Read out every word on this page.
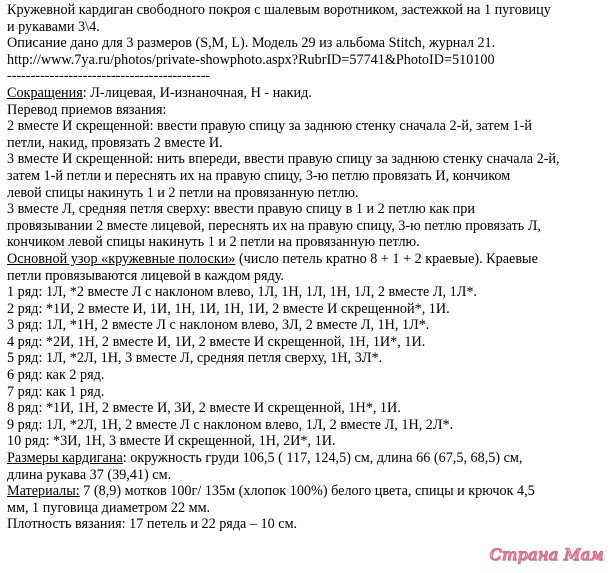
Кружевной кардиган свободного покроя с шалевым воротником, застежкой на 1 пуговицу

и рукавами 3\4.

Описание дано для 3 размеров (S,M, L). Модель 29 из альбома Stitch, журнал 21.

http://www.7ya.ru/photos/private-showphoto.aspx?RubrID=57741&PhotoID=510100

-------------------------------------------

Сокращения: Л-лицевая, И-изнаночная, Н - накид.

Перевод приемов вязания:

2 вместе И скрещенной: ввести правую спицу за заднюю стенку сначала 2-й, затем 1-й

петли, накид, провязать 2 вместе И.

3 вместе И скрещенной: нить впереди, ввести правую спицу за заднюю стенку сначала 2-й,

затем 1-й петли и переснять их на правую спицу, 3-ю петлю провязать И, кончиком

левой спицы накинуть 1 и 2 петли на провязанную петлю.

3 вместе Л, средняя петля сверху: ввести правую спицу в 1 и 2 петлю как при

провязывании 2 вместе лицевой, переснять их на правую спицу, 3-ю петлю провязать Л,

кончиком левой спицы накинуть 1 и 2 петли на провязанную петлю.

Основной узор «кружевные полоски» (число петель кратно 8 + 1 + 2 краевые). Краевые

петли провязываются лицевой в каждом ряду.

1 ряд: 1Л, *2 вместе Л с наклоном влево, 1Л, 1Н, 1Л, 1Н, 1Л, 2 вместе Л, 1Л*.

2 ряд: *1И, 2 вместе И, 1И, 1Н, 1И, 1Н, 1И, 2 вместе И скрещенной*, 1И.

3 ряд: 1Л, *1Н, 2 вместе Л с наклоном влево, 3Л, 2 вместе Л, 1Н, 1Л*.

4 ряд: *2И, 1Н, 2 вместе И, 1И, 2 вместе И скрещенной, 1Н, 1И*, 1И.

5 ряд: 1Л, *2Л, 1Н, 3 вместе Л, средняя петля сверху, 1Н, 3Л*.

6 ряд: как 2 ряд.

7 ряд: как 1 ряд.

8 ряд: *1И, 1Н, 2 вместе И, 3И, 2 вместе И скрещенной, 1Н*, 1И.

9 ряд: 1Л, *2Л, 1Н, 2 вместе Л с наклоном влево, 1Л, 2 вместе Л, 1Н, 2Л*.

10 ряд: *3И, 1Н, 3 вместе И скрещенной, 1Н, 2И*, 1И.

Размеры кардигана: окружность груди 106,5 ( 117, 124,5) см, длина 66 (67,5, 68,5) см,

длина рукава 37 (39,41) см.

Материалы: 7 (8,9) мотков 100г/ 135м (хлопок 100%) белого цвета, спицы и крючок 4,5

мм, 1 пуговица диаметром 22 мм.

Плотность вязания: 17 петель и 22 ряда – 10 см.

Страна Мам
